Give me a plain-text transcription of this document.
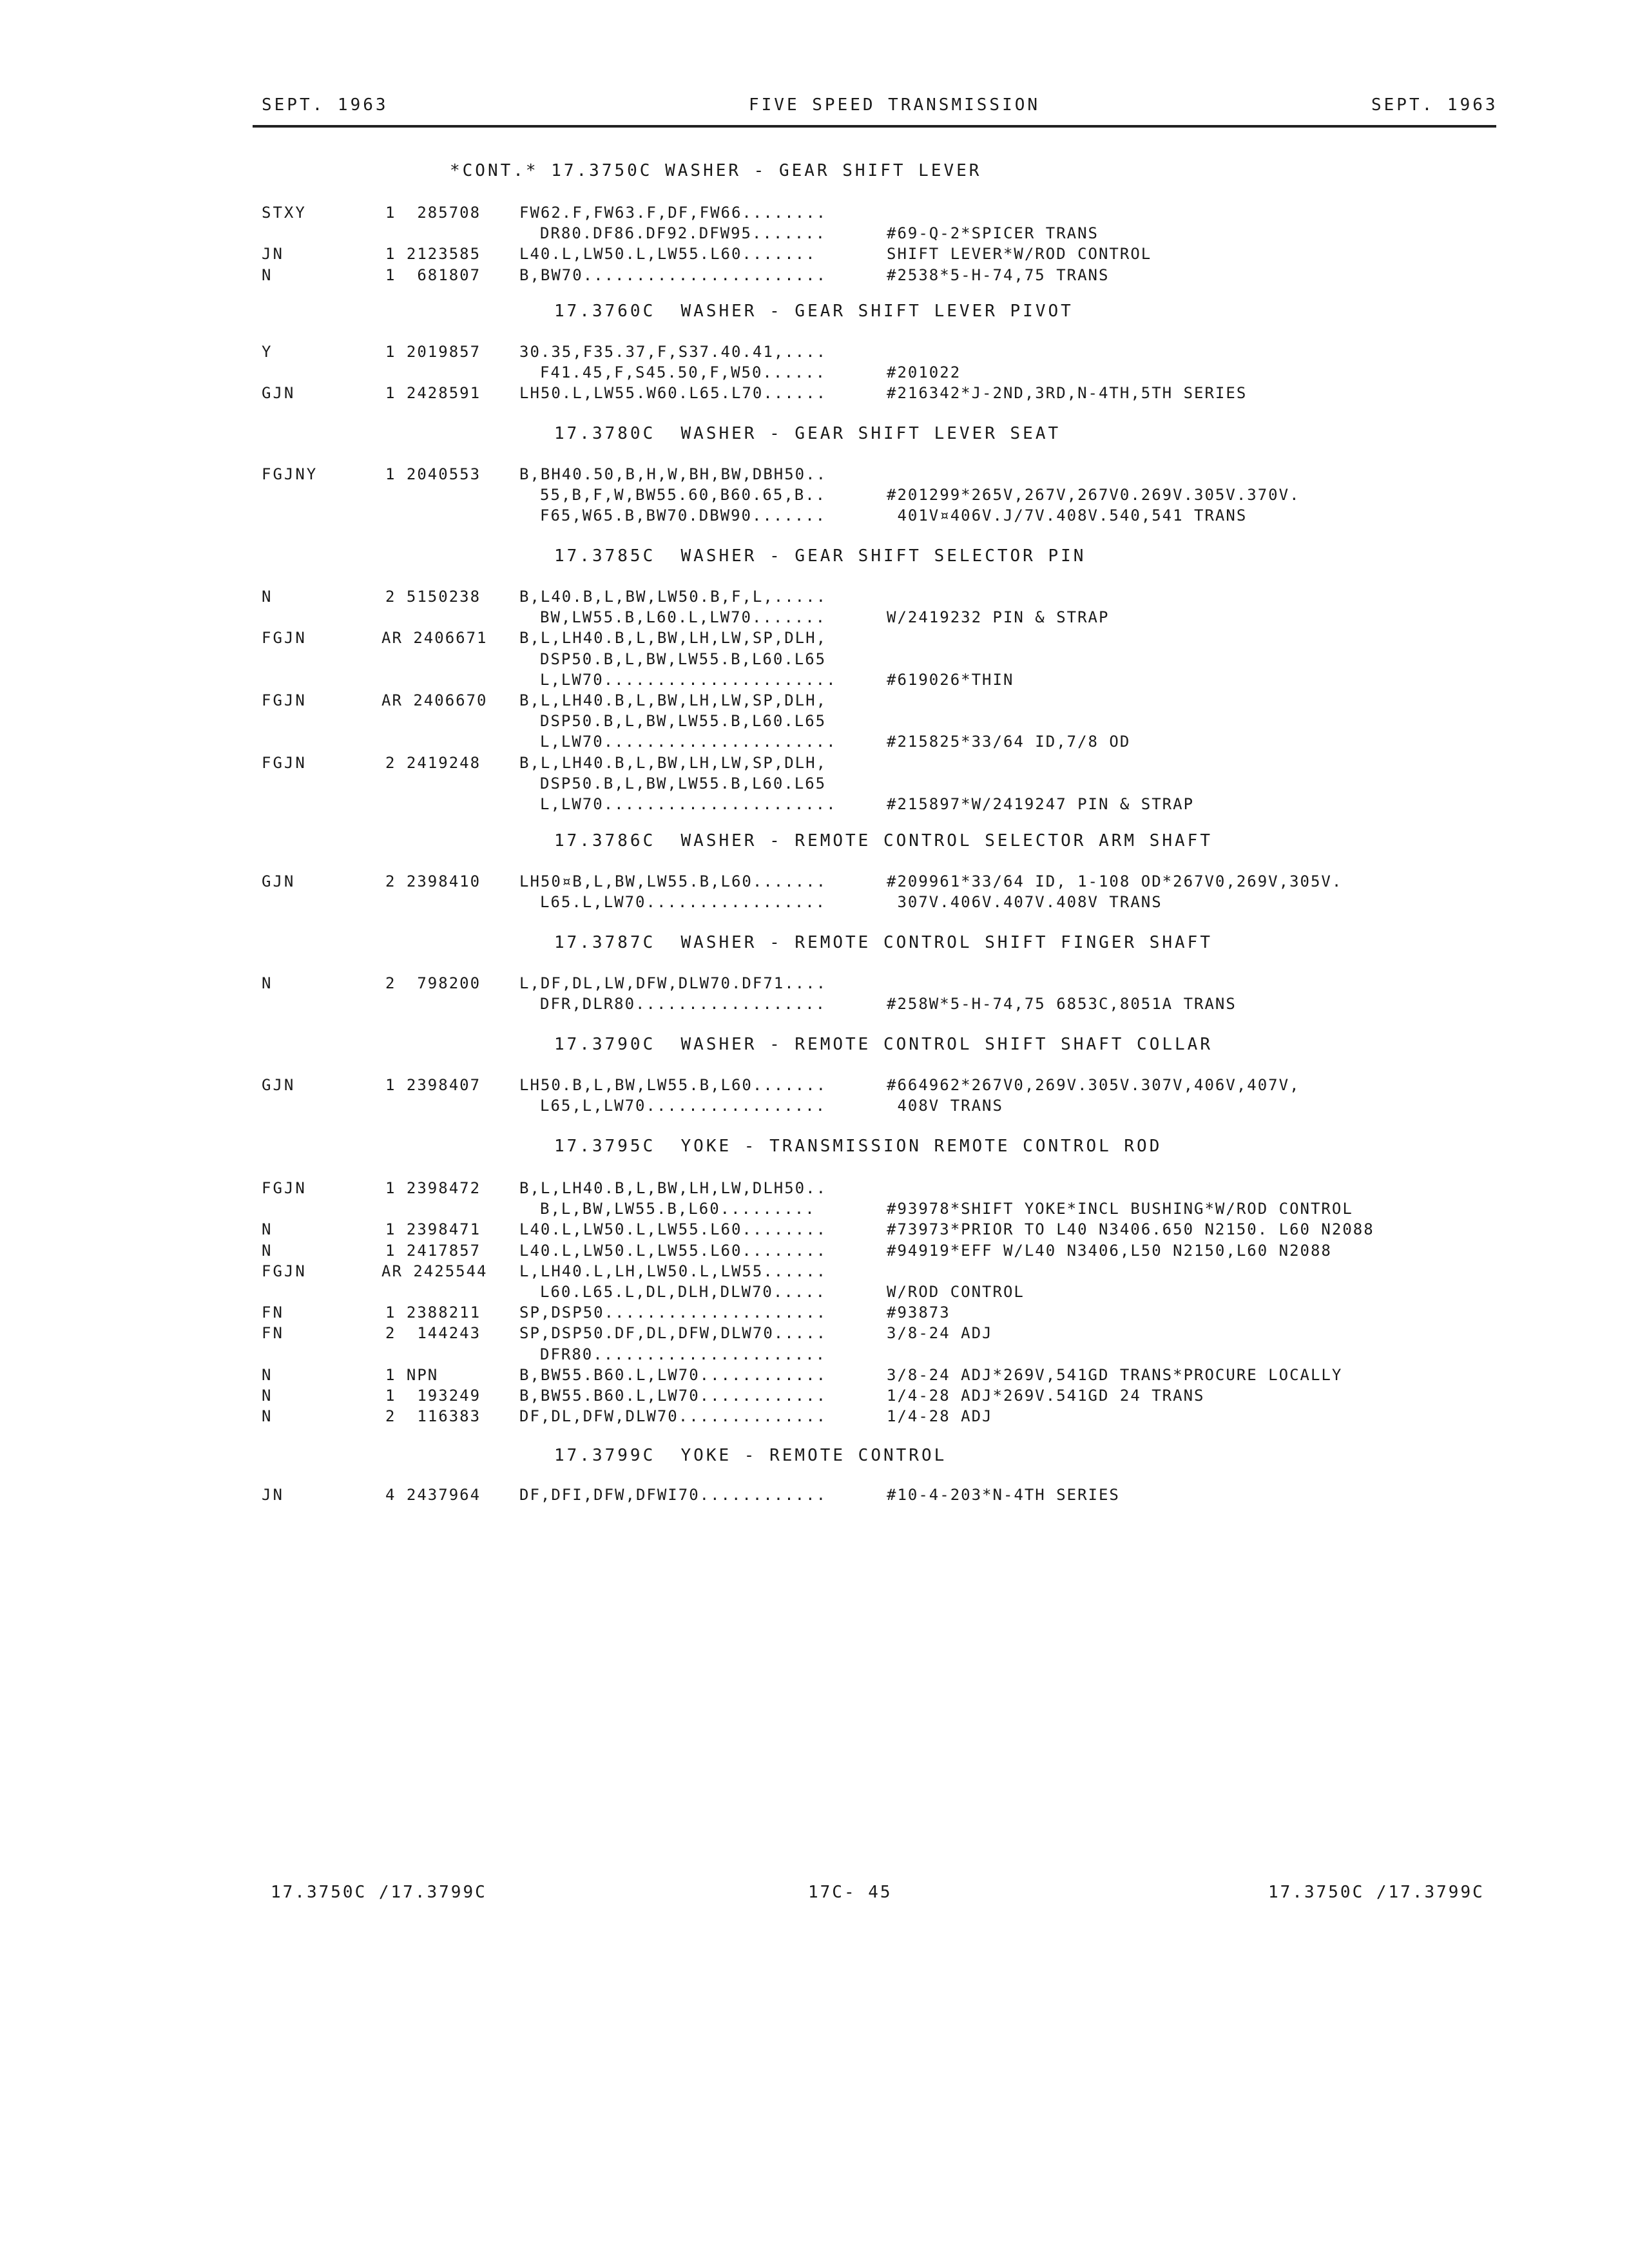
SEPT. 1963	FIVE SPEED TRANSMISSION	SEPT. 1963
*CONT.* 17.3750C WASHER - GEAR SHIFT LEVER
STXY	1  285708 FW62.F,FW63.F,DF,FW66........
DR80.DF86.DF92.DFW95.......	#69-Q-2*SPICER TRANS
JN	1 2123585 L40.L,LW50.L,LW55.L60.......	SHIFT LEVER*W/ROD CONTROL
N	1  681807 B,BW70.......................	#2538*5-H-74,75 TRANS
17.3760C  WASHER - GEAR SHIFT LEVER PIVOT
Y	1 2019857 30.35,F35.37,F,S37.40.41,....
F41.45,F,S45.50,F,W50......	#201022
GJN	1 2428591 LH50.L,LW55.W60.L65.L70......	#216342*J-2ND,3RD,N-4TH,5TH SERIES
17.3780C  WASHER - GEAR SHIFT LEVER SEAT
FGJNY	1 2040553 B,BH40.50,B,H,W,BH,BW,DBH50..
55,B,F,W,BW55.60,B60.65,B..	#201299*265V,267V,267V0.269V.305V.370V.
F65,W65.B,BW70.DBW90.......	401V¤406V.J/7V.408V.540,541 TRANS
17.3785C  WASHER - GEAR SHIFT SELECTOR PIN
N	2 5150238 B,L40.B,L,BW,LW50.B,F,L,.....
BW,LW55.B,L60.L,LW70.......	W/2419232 PIN & STRAP
FGJN	AR 2406671 B,L,LH40.B,L,BW,LH,LW,SP,DLH,
DSP50.B,L,BW,LW55.B,L60.L65
L,LW70......................	#619026*THIN
FGJN	AR 2406670 B,L,LH40.B,L,BW,LH,LW,SP,DLH,
DSP50.B,L,BW,LW55.B,L60.L65
L,LW70......................	#215825*33/64 ID,7/8 OD
FGJN	2 2419248 B,L,LH40.B,L,BW,LH,LW,SP,DLH,
DSP50.B,L,BW,LW55.B,L60.L65
L,LW70......................	#215897*W/2419247 PIN & STRAP
17.3786C  WASHER - REMOTE CONTROL SELECTOR ARM SHAFT
GJN	2 2398410 LH50¤B,L,BW,LW55.B,L60.......	#209961*33/64 ID, 1-108 OD*267V0,269V,305V.
L65.L,LW70.................	307V.406V.407V.408V TRANS
17.3787C  WASHER - REMOTE CONTROL SHIFT FINGER SHAFT
N	2  798200 L,DF,DL,LW,DFW,DLW70.DF71....
DFR,DLR80..................	#258W*5-H-74,75 6853C,8051A TRANS
17.3790C  WASHER - REMOTE CONTROL SHIFT SHAFT COLLAR
GJN	1 2398407 LH50.B,L,BW,LW55.B,L60.......	#664962*267V0,269V.305V.307V,406V,407V,
L65,L,LW70.................	408V TRANS
17.3795C  YOKE - TRANSMISSION REMOTE CONTROL ROD
FGJN	1 2398472 B,L,LH40.B,L,BW,LH,LW,DLH50..
B,L,BW,LW55.B,L60.........	#93978*SHIFT YOKE*INCL BUSHING*W/ROD CONTROL
N	1 2398471 L40.L,LW50.L,LW55.L60........	#73973*PRIOR TO L40 N3406.650 N2150. L60 N2088
N	1 2417857 L40.L,LW50.L,LW55.L60........	#94919*EFF W/L40 N3406,L50 N2150,L60 N2088
FGJN	AR 2425544 L,LH40.L,LH,LW50.L,LW55......
L60.L65.L,DL,DLH,DLW70.....	W/ROD CONTROL
FN	1 2388211 SP,DSP50.....................	#93873
FN	2  144243 SP,DSP50.DF,DL,DFW,DLW70.....	3/8-24 ADJ
DFR80......................
N	1 NPN	B,BW55.B60.L,LW70............	3/8-24 ADJ*269V,541GD TRANS*PROCURE LOCALLY
N	1  193249 B,BW55.B60.L,LW70............	1/4-28 ADJ*269V.541GD 24 TRANS
N	2  116383 DF,DL,DFW,DLW70..............	1/4-28 ADJ
17.3799C  YOKE - REMOTE CONTROL
JN	4 2437964 DF,DFI,DFW,DFWI70............	#10-4-203*N-4TH SERIES
17.3750C /17.3799C	17C- 45	17.3750C /17.3799C
